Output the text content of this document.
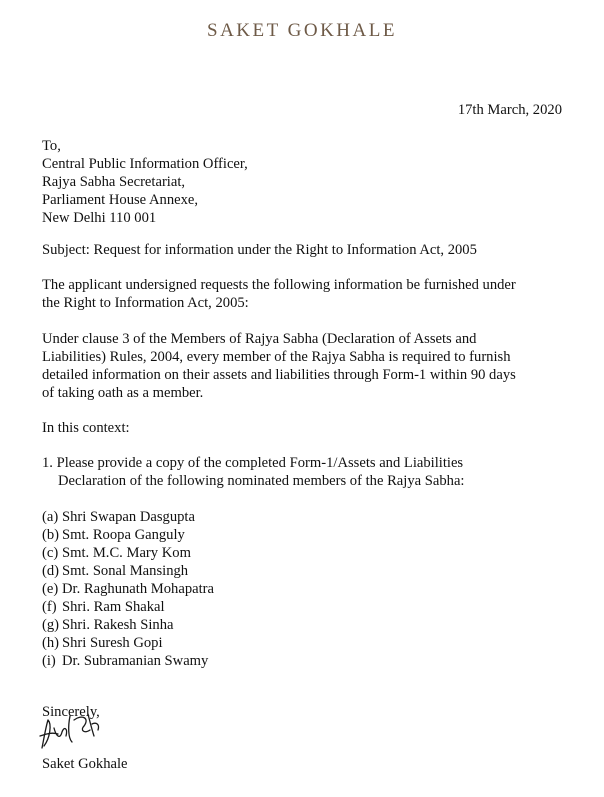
SAKET GOKHALE
17th March, 2020
To,
Central Public Information Officer,
Rajya Sabha Secretariat,
Parliament House Annexe,
New Delhi 110 001
Subject: Request for information under the Right to Information Act, 2005
The applicant undersigned requests the following information be furnished under
the Right to Information Act, 2005:
Under clause 3 of the Members of Rajya Sabha (Declaration of Assets and
Liabilities) Rules, 2004, every member of the Rajya Sabha is required to furnish
detailed information on their assets and liabilities through Form-1 within 90 days
of taking oath as a member.
In this context:
1. Please provide a copy of the completed Form-1/Assets and Liabilities
Declaration of the following nominated members of the Rajya Sabha:
(a) Shri Swapan Dasgupta
(b) Smt. Roopa Ganguly
(c) Smt. M.C. Mary Kom
(d) Smt. Sonal Mansingh
(e) Dr. Raghunath Mohapatra
(f) Shri. Ram Shakal
(g) Shri. Rakesh Sinha
(h) Shri Suresh Gopi
(i) Dr. Subramanian Swamy
Sincerely,
Saket Gokhale
